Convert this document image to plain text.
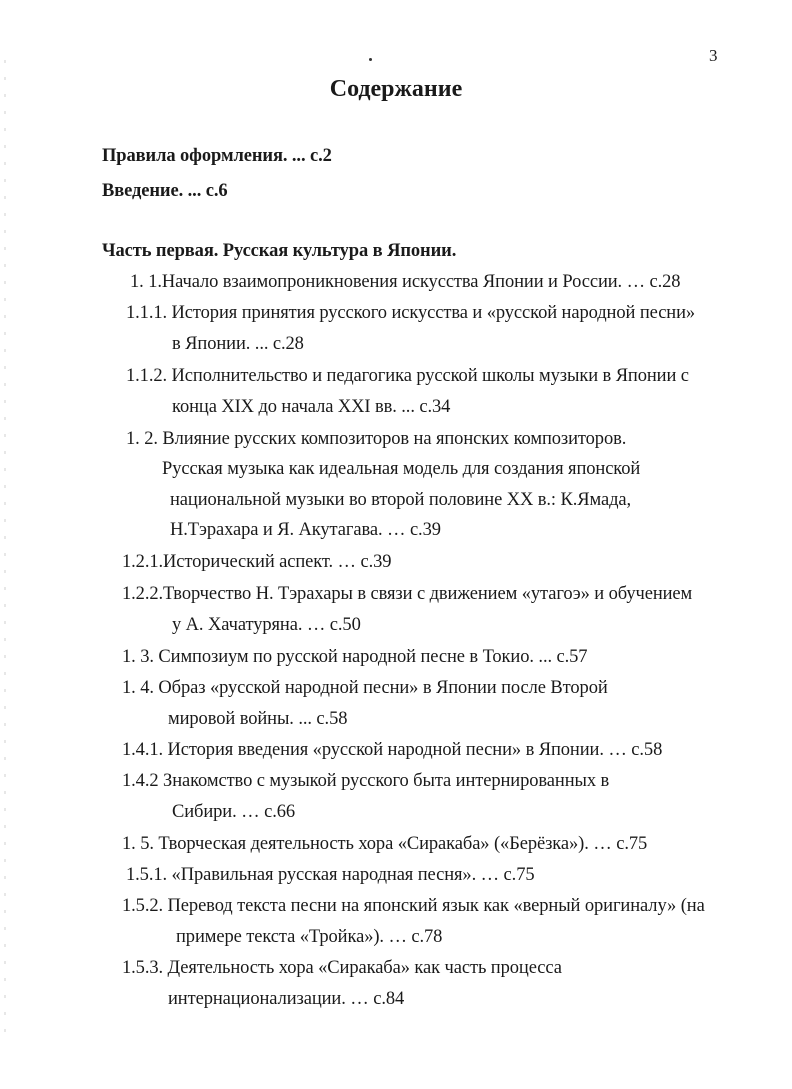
3
Содержание
Правила оформления. ... с.2
Введение. ... с.6
Часть первая. Русская культура в Японии.
1. 1.Начало взаимопроникновения искусства Японии и России. … с.28
1.1.1. История принятия русского искусства и «русской народной песни»
в Японии. ... с.28
1.1.2. Исполнительство и педагогика русской школы музыки в Японии с
конца XIX до начала XXI вв. ... с.34
1. 2. Влияние русских композиторов на японских композиторов.
Русская музыка как идеальная модель для создания японской
национальной музыки во второй половине XX в.: К.Ямада,
Н.Тэрахара и Я. Акутагава. … с.39
1.2.1.Исторический аспект. … с.39
1.2.2.Творчество Н. Тэрахары в связи с движением «утагоэ» и обучением
у А. Хачатуряна. … с.50
1. 3. Симпозиум по русской народной песне в Токио. ... с.57
1. 4. Образ «русской народной песни» в Японии после Второй
мировой войны. ... с.58
1.4.1. История введения «русской народной песни» в Японии. … с.58
1.4.2 Знакомство с музыкой русского быта интернированных в
Сибири. … с.66
1. 5. Творческая деятельность хора «Сиракаба» («Берёзка»). … с.75
1.5.1. «Правильная русская народная песня». … с.75
1.5.2. Перевод текста песни на японский язык как «верный оригиналу» (на
примере текста «Тройка»). … с.78
1.5.3. Деятельность хора «Сиракаба» как часть процесса
интернационализации. … с.84
